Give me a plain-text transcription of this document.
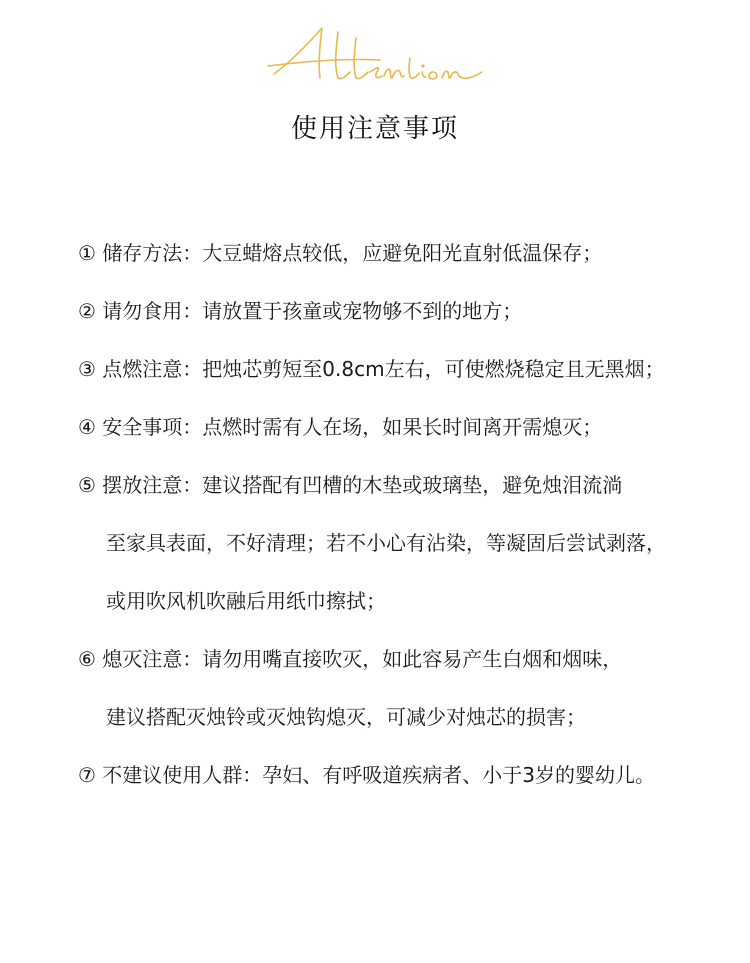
使用注意事项
① 储存方法：大豆蜡熔点较低，应避免阳光直射低温保存；
② 请勿食用：请放置于孩童或宠物够不到的地方；
③ 点燃注意：把烛芯剪短至0.8cm左右，可使燃烧稳定且无黑烟；
④ 安全事项：点燃时需有人在场，如果长时间离开需熄灭；
⑤ 摆放注意：建议搭配有凹槽的木垫或玻璃垫，避免烛泪流淌
至家具表面，不好清理；若不小心有沾染，等凝固后尝试剥落，
或用吹风机吹融后用纸巾擦拭；
⑥ 熄灭注意：请勿用嘴直接吹灭，如此容易产生白烟和烟味，
建议搭配灭烛铃或灭烛钩熄灭，可减少对烛芯的损害；
⑦ 不建议使用人群：孕妇、有呼吸道疾病者、小于3岁的婴幼儿。
